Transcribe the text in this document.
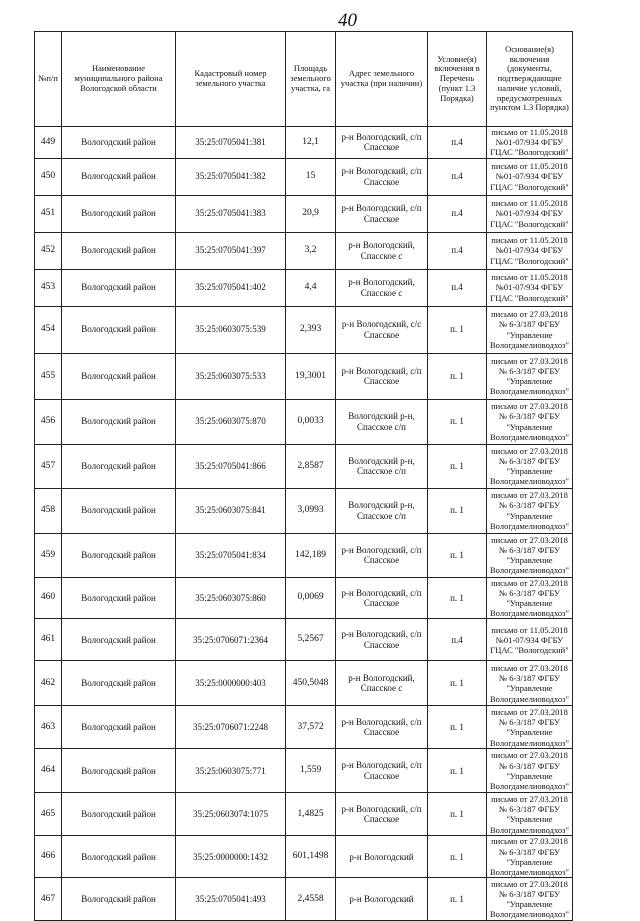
40
№п/п	Наименование муниципального района Вологодской области	Кадастровый номер земельного участка	Площадь земельного участка, га	Адрес земельного участка (при наличии)	Условие(я) включения в Перечень (пункт 1.3 Порядка)	Основание(я) включения (документы, подтверждающие наличие условий, предусмотренных пунктом 1.3 Порядка)
449	Вологодский район	35:25:0705041:381	12,1	р-н Вологодский, с/п Спасское	п.4	письмо от 11.05.2018 №01-07/934 ФГБУ ГЦАС "Вологодский"
450	Вологодский район	35:25:0705041:382	15	р-н Вологодский, с/п Спасское	п.4	письмо от 11.05.2018 №01-07/934 ФГБУ ГЦАС "Вологодский"
451	Вологодский район	35:25:0705041:383	20,9	р-н Вологодский, с/п Спасское	п.4	письмо от 11.05.2018 №01-07/934 ФГБУ ГЦАС "Вологодский"
452	Вологодский район	35:25:0705041:397	3,2	р-н Вологодский, Спасское с	п.4	письмо от 11.05.2018 №01-07/934 ФГБУ ГЦАС "Вологодский"
453	Вологодский район	35:25:0705041:402	4,4	р-н Вологодский, Спасское с	п.4	письмо от 11.05.2018 №01-07/934 ФГБУ ГЦАС "Вологодский"
454	Вологодский район	35:25:0603075:539	2,393	р-н Вологодский, с/с Спасское	п. 1	письмо от 27.03.2018 № 6-3/187 ФГБУ "Управление Вологдамелиоводхоз"
455	Вологодский район	35:25:0603075:533	19,3001	р-н Вологодский, с/п Спасское	п. 1	письмо от 27.03.2018 № 6-3/187 ФГБУ "Управление Вологдамелиоводхоз"
456	Вологодский район	35:25:0603075:870	0,0033	Вологодский р-н, Спасское с/п	п. 1	письмо от 27.03.2018 № 6-3/187 ФГБУ "Управление Вологдамелиоводхоз"
457	Вологодский район	35:25:0705041:866	2,8587	Вологодский р-н, Спасское с/п	п. 1	письмо от 27.03.2018 № 6-3/187 ФГБУ "Управление Вологдамелиоводхоз"
458	Вологодский район	35:25:0603075:841	3,0993	Вологодский р-н, Спасское с/п	п. 1	письмо от 27.03.2018 № 6-3/187 ФГБУ "Управление Вологдамелиоводхоз"
459	Вологодский район	35:25:0705041:834	142,189	р-н Вологодский, с/п Спасское	п. 1	письмо от 27.03.2018 № 6-3/187 ФГБУ "Управление Вологдамелиоводхоз"
460	Вологодский район	35:25:0603075:860	0,0069	р-н Вологодский, с/п Спасское	п. 1	письмо от 27.03.2018 № 6-3/187 ФГБУ "Управление Вологдамелиоводхоз"
461	Вологодский район	35:25:0706071:2364	5,2567	р-н Вологодский, с/п Спасское	п.4	письмо от 11.05.2018 №01-07/934 ФГБУ ГЦАС "Вологодский"
462	Вологодский район	35:25:0000000:403	450,5048	р-н Вологодский, Спасское с	п. 1	письмо от 27.03.2018 № 6-3/187 ФГБУ "Управление Вологдамелиоводхоз"
463	Вологодский район	35:25:0706071:2248	37,572	р-н Вологодский, с/п Спасское	п. 1	письмо от 27.03.2018 № 6-3/187 ФГБУ "Управление Вологдамелиоводхоз"
464	Вологодский район	35:25:0603075:771	1,559	р-н Вологодский, с/п Спасское	п. 1	письмо от 27.03.2018 № 6-3/187 ФГБУ "Управление Вологдамелиоводхоз"
465	Вологодский район	35:25:0603074:1075	1,4825	р-н Вологодский, с/п Спасское	п. 1	письмо от 27.03.2018 № 6-3/187 ФГБУ "Управление Вологдамелиоводхоз"
466	Вологодский район	35:25:0000000:1432	601,1498	р-н Вологодский	п. 1	письмо от 27.03.2018 № 6-3/187 ФГБУ "Управление Вологдамелиоводхоз"
467	Вологодский район	35:25:0705041:493	2,4558	р-н Вологодский	п. 1	письмо от 27.03.2018 № 6-3/187 ФГБУ "Управление Вологдамелиоводхоз"
